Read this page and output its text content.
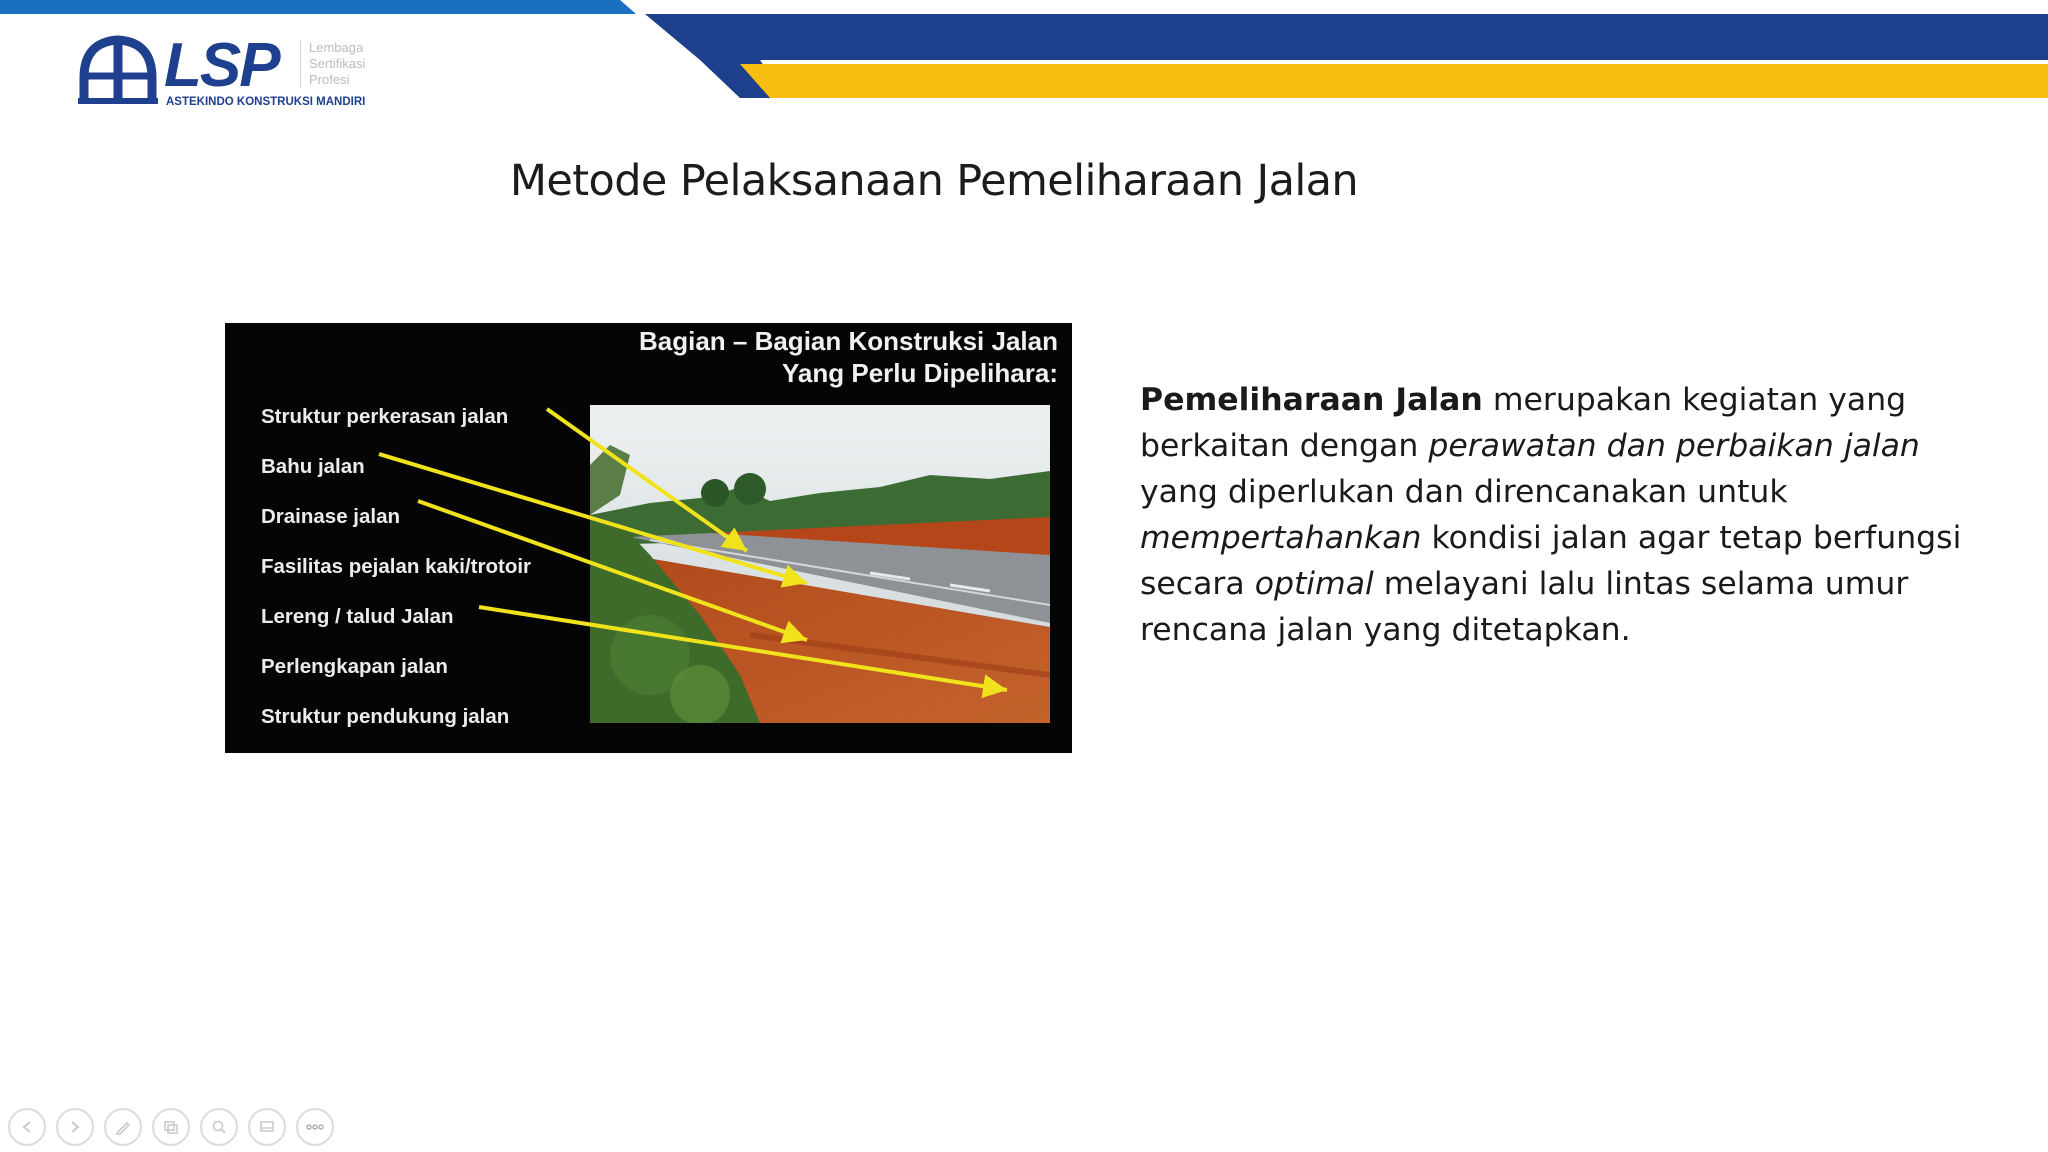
LSP Lembaga
Sertifikasi
Profesi
ASTEKINDO KONSTRUKSI MANDIRI
Metode Pelaksanaan Pemeliharaan Jalan
Bagian – Bagian Konstruksi Jalan
Yang Perlu Dipelihara:
Struktur perkerasan jalan
Bahu jalan
Drainase jalan
Fasilitas pejalan kaki/trotoir
Lereng / talud Jalan
Perlengkapan jalan
Struktur pendukung jalan

Pemeliharaan Jalan merupakan kegiatan yang berkaitan dengan perawatan dan perbaikan jalan yang diperlukan dan direncanakan untuk mempertahankan kondisi jalan agar tetap berfungsi secara optimal melayani lalu lintas selama umur rencana jalan yang ditetapkan.
